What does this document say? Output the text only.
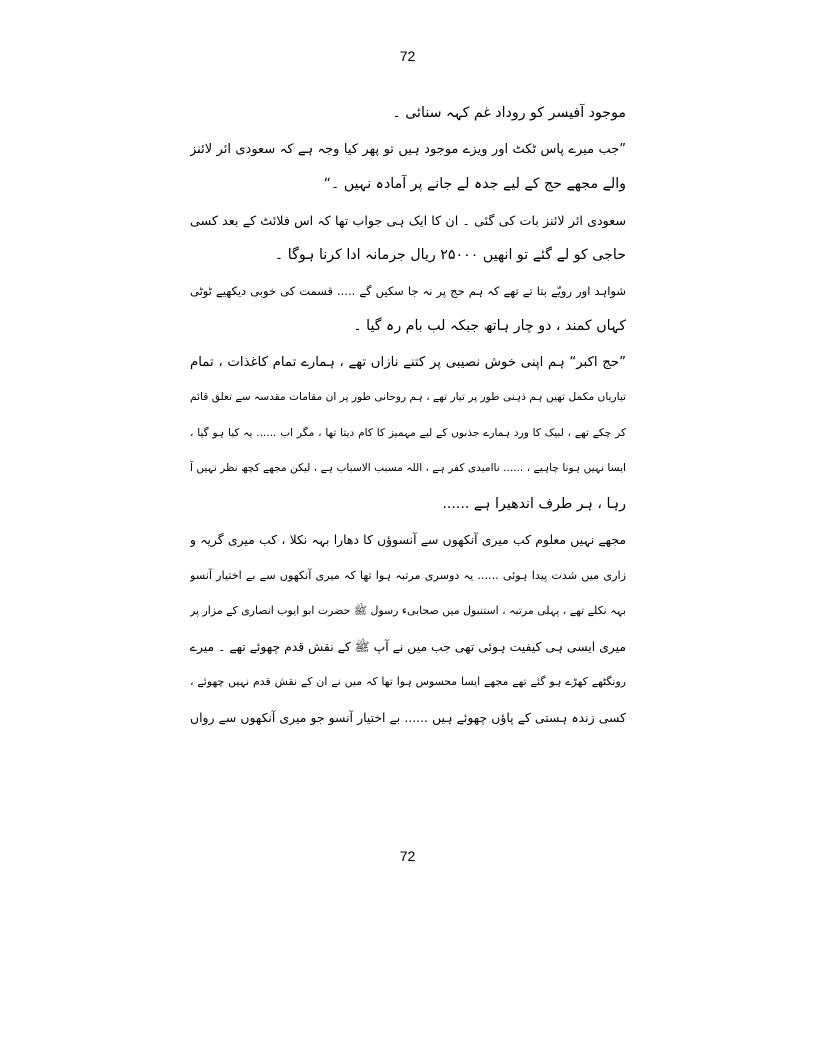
72
موجود آفیسر کو روداد غم کہہ سنائی ۔
”جب میرے پاس ٹکٹ اور ویزے موجود ہیں تو پھر کیا وجہ ہے کہ سعودی ائر لائنز
والے مجھے حج کے لیے جدہ لے جانے پر آمادہ نہیں ۔“
سعودی ائر لائنز بات کی گئی ۔ ان کا ایک ہی جواب تھا کہ اس فلائٹ کے بعد کسی
حاجی کو لے گئے تو انھیں ۲۵۰۰۰ ریال جرمانہ ادا کرنا ہوگا ۔
شواہد اور رویّے بتا تے تھے کہ ہم حج پر نہ جا سکیں گے ..... قسمت کی خوبی دیکھیے ٹوٹی
کہاں کمند ، دو چار ہاتھ جبکہ لب بام رہ گیا ۔
”حج اکبر“ ہم اپنی خوش نصیبی پر کتنے نازاں تھے ، ہمارے تمام کاغذات ، تمام
تیاریاں مکمل تھیں ہم ذہنی طور پر تیار تھے ، ہم روحانی طور پر ان مقامات مقدسہ سے تعلق قائم
کر چکے تھے ، لبیک کا ورد ہمارے جذبوں کے لیے مہمیز کا کام دیتا تھا ، مگر اب ...... یہ کیا ہو گیا ،
ایسا نہیں ہونا چاہیے ، ...... ناامیدی کفر ہے ، اللہ مسبب الاسباب ہے ، لیکن مجھے کچھ نظر نہیں آ
رہا ، ہر طرف اندھیرا ہے ......
مجھے نہیں معلوم کب میری آنکھوں سے آنسوؤں کا دھارا بہہ نکلا ، کب میری گریہ و
زاری میں شدت پیدا ہوئی ...... یہ دوسری مرتبہ ہوا تھا کہ میری آنکھوں سے بے اختیار آنسو
بہہ نکلے تھے ، پہلی مرتبہ ، استنبول میں صحابیء رسول ﷺ حضرت ابو ایوب انصاری کے مزار پر
میری ایسی ہی کیفیت ہوئی تھی جب میں نے آپ ﷺ کے نقش قدم چھوئے تھے ۔ میرے
رونگٹھے کھڑے ہو گئے تھے مجھے ایسا محسوس ہوا تھا کہ میں نے ان کے نقش قدم نہیں چھوئے ،
کسی زندہ ہستی کے پاؤں چھوئے ہیں ...... بے اختیار آنسو جو میری آنکھوں سے رواں
72
